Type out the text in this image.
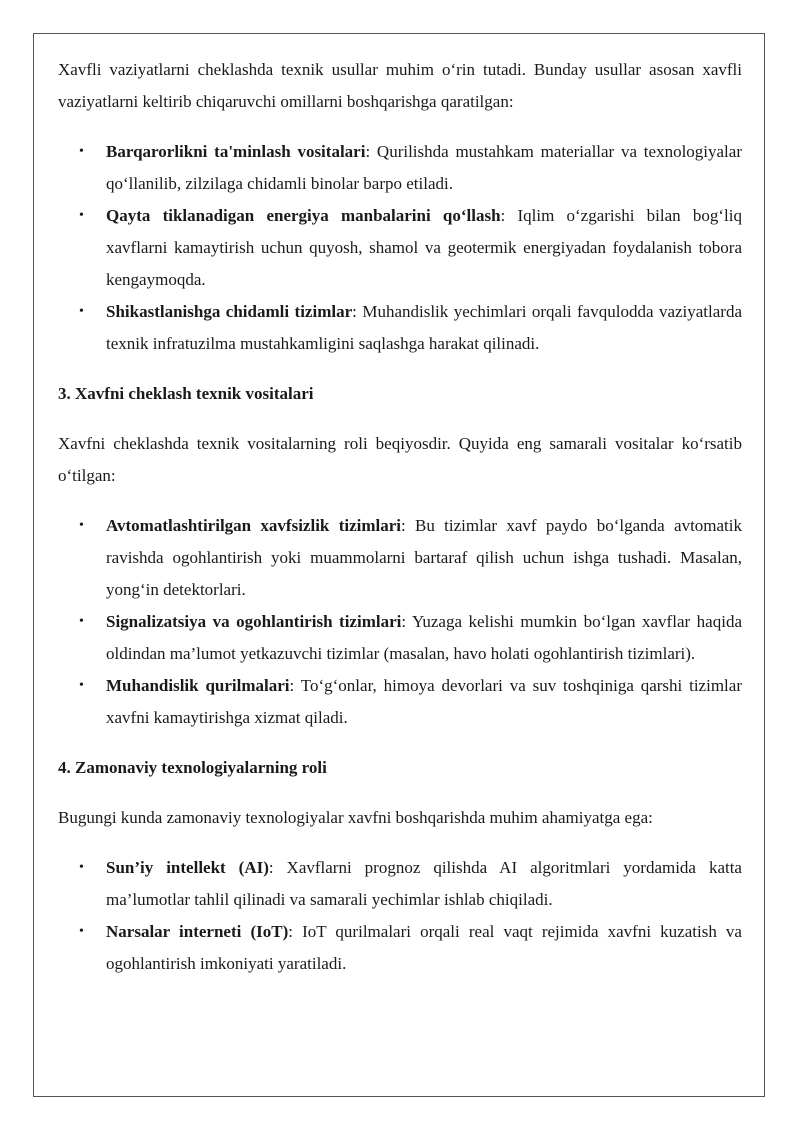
Xavfli vaziyatlarni cheklashda texnik usullar muhim o‘rin tutadi. Bunday usullar asosan xavfli vaziyatlarni keltirib chiqaruvchi omillarni boshqarishga qaratilgan:

• Barqarorlikni ta'minlash vositalari: Qurilishda mustahkam materiallar va texnologiyalar qo‘llanilib, zilzilaga chidamli binolar barpo etiladi.
• Qayta tiklanadigan energiya manbalarini qo‘llash: Iqlim o‘zgarishi bilan bog‘liq xavflarni kamaytirish uchun quyosh, shamol va geotermik energiyadan foydalanish tobora kengaymoqda.
• Shikastlanishga chidamli tizimlar: Muhandislik yechimlari orqali favqulodda vaziyatlarda texnik infratuzilma mustahkamligini saqlashga harakat qilinadi.
3. Xavfni cheklash texnik vositalari

Xavfni cheklashda texnik vositalarning roli beqiyosdir. Quyida eng samarali vositalar ko‘rsatib o‘tilgan:

• Avtomatlashtirilgan xavfsizlik tizimlari: Bu tizimlar xavf paydo bo‘lganda avtomatik ravishda ogohlantirish yoki muammolarni bartaraf qilish uchun ishga tushadi. Masalan, yong‘in detektorlari.
• Signalizatsiya va ogohlantirish tizimlari: Yuzaga kelishi mumkin bo‘lgan xavflar haqida oldindan ma’lumot yetkazuvchi tizimlar (masalan, havo holati ogohlantirish tizimlari).
• Muhandislik qurilmalari: To‘g‘onlar, himoya devorlari va suv toshqiniga qarshi tizimlar xavfni kamaytirishga xizmat qiladi.
4. Zamonaviy texnologiyalarning roli

Bugungi kunda zamonaviy texnologiyalar xavfni boshqarishda muhim ahamiyatga ega:

• Sun’iy intellekt (AI): Xavflarni prognoz qilishda AI algoritmlari yordamida katta ma’lumotlar tahlil qilinadi va samarali yechimlar ishlab chiqiladi.
• Narsalar interneti (IoT): IoT qurilmalari orqali real vaqt rejimida xavfni kuzatish va ogohlantirish imkoniyati yaratiladi.
